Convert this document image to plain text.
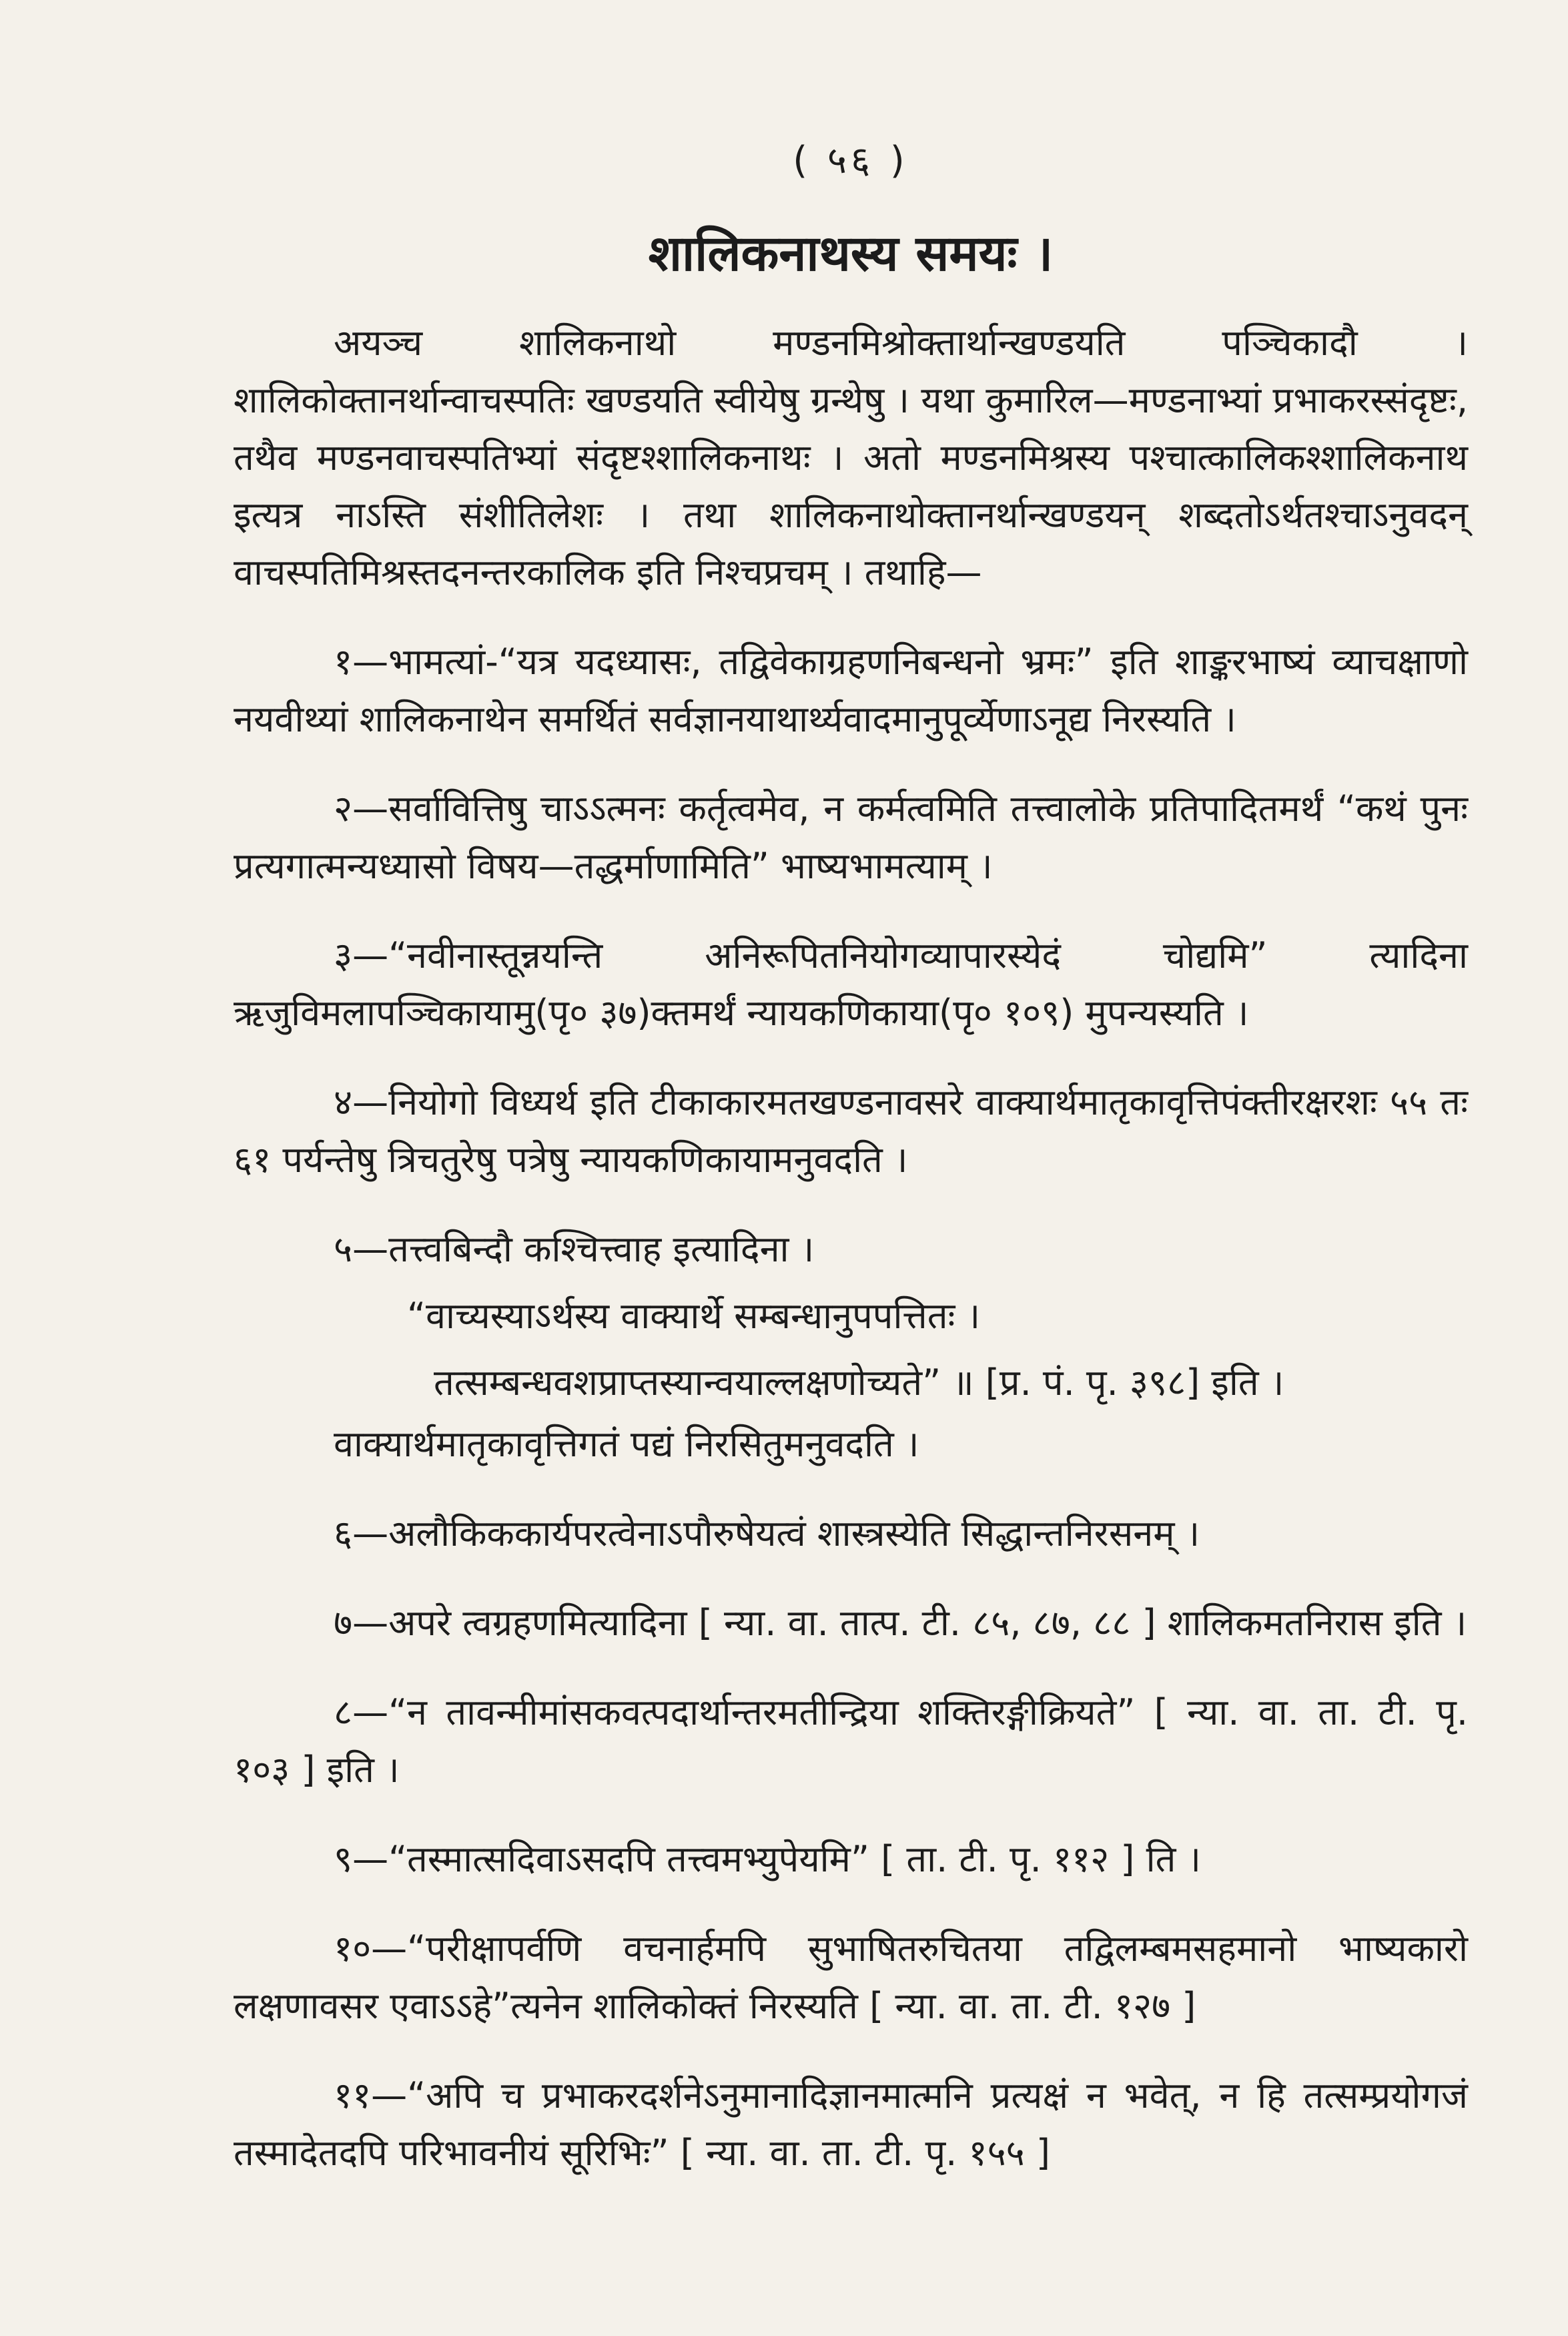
( ५६ )
शालिकनाथस्य समयः ।

अयञ्च शालिकनाथो मण्डनमिश्रोक्तार्थान्खण्डयति पञ्चिकादौ । शालिकोक्तानर्थान्वाचस्पतिः खण्डयति स्वीयेषु ग्रन्थेषु । यथा कुमारिल—मण्डनाभ्यां प्रभाकरस्संदृष्टः, तथैव मण्डनवाचस्पतिभ्यां संदृष्टश्शालिकनाथः । अतो मण्डनमिश्रस्य पश्चात्कालिकश्शालिकनाथ इत्यत्र नाऽस्ति संशीतिलेशः । तथा शालिकनाथोक्तानर्थान्खण्डयन् शब्दतोऽर्थतश्चाऽनुवदन् वाचस्पतिमिश्रस्तदनन्तरकालिक इति निश्चप्रचम् । तथाहि—

१—भामत्यां-“यत्र यदध्यासः, तद्विवेकाग्रहणनिबन्धनो भ्रमः” इति शाङ्करभाष्यं व्याचक्षाणो नयवीथ्यां शालिकनाथेन समर्थितं सर्वज्ञानयाथार्थ्यवादमानुपूर्व्येणाऽनूद्य निरस्यति ।

२—सर्वावित्तिषु चाऽऽत्मनः कर्तृत्वमेव, न कर्मत्वमिति तत्त्वालोके प्रतिपादितमर्थं “कथं पुनः प्रत्यगात्मन्यध्यासो विषय—तद्धर्माणामिति” भाष्यभामत्याम् ।

३—“नवीनास्तून्नयन्ति अनिरूपितनियोगव्यापारस्येदं चोद्यमि” त्यादिना ऋजुविमलापञ्चिकायामु(पृ० ३७)क्तमर्थं न्यायकणिकाया(पृ० १०९) मुपन्यस्यति ।

४—नियोगो विध्यर्थ इति टीकाकारमतखण्डनावसरे वाक्यार्थमातृकावृत्तिपंक्तीरक्षरशः ५५ तः ६१ पर्यन्तेषु त्रिचतुरेषु पत्रेषु न्यायकणिकायामनुवदति ।

५—तत्त्वबिन्दौ कश्चित्त्वाह इत्यादिना ।

“वाच्यस्याऽर्थस्य वाक्यार्थे सम्बन्धानुपपत्तितः ।
तत्सम्बन्धवशप्राप्तस्यान्वयाल्लक्षणोच्यते” ॥ [प्र. पं. पृ. ३९८] इति ।
वाक्यार्थमातृकावृत्तिगतं पद्यं निरसितुमनुवदति ।

६—अलौकिककार्यपरत्वेनाऽपौरुषेयत्वं शास्त्रस्येति सिद्धान्तनिरसनम् ।

७—अपरे त्वग्रहणमित्यादिना [ न्या. वा. तात्प. टी. ८५, ८७, ८८ ] शालिकमतनिरास इति ।

८—“न तावन्मीमांसकवत्पदार्थान्तरमतीन्द्रिया शक्तिरङ्गीक्रियते” [ न्या. वा. ता. टी. पृ. १०३ ] इति ।

९—“तस्मात्सदिवाऽसदपि तत्त्वमभ्युपेयमि” [ ता. टी. पृ. ११२ ] ति ।

१०—“परीक्षापर्वणि वचनार्हमपि सुभाषितरुचितया तद्विलम्बमसहमानो भाष्यकारो लक्षणावसर एवाऽऽहे”त्यनेन शालिकोक्तं निरस्यति [ न्या. वा. ता. टी. १२७ ]

११—“अपि च प्रभाकरदर्शनेऽनुमानादिज्ञानमात्मनि प्रत्यक्षं न भवेत्, न हि तत्सम्प्रयोगजं तस्मादेतदपि परिभावनीयं सूरिभिः” [ न्या. वा. ता. टी. पृ. १५५ ]
